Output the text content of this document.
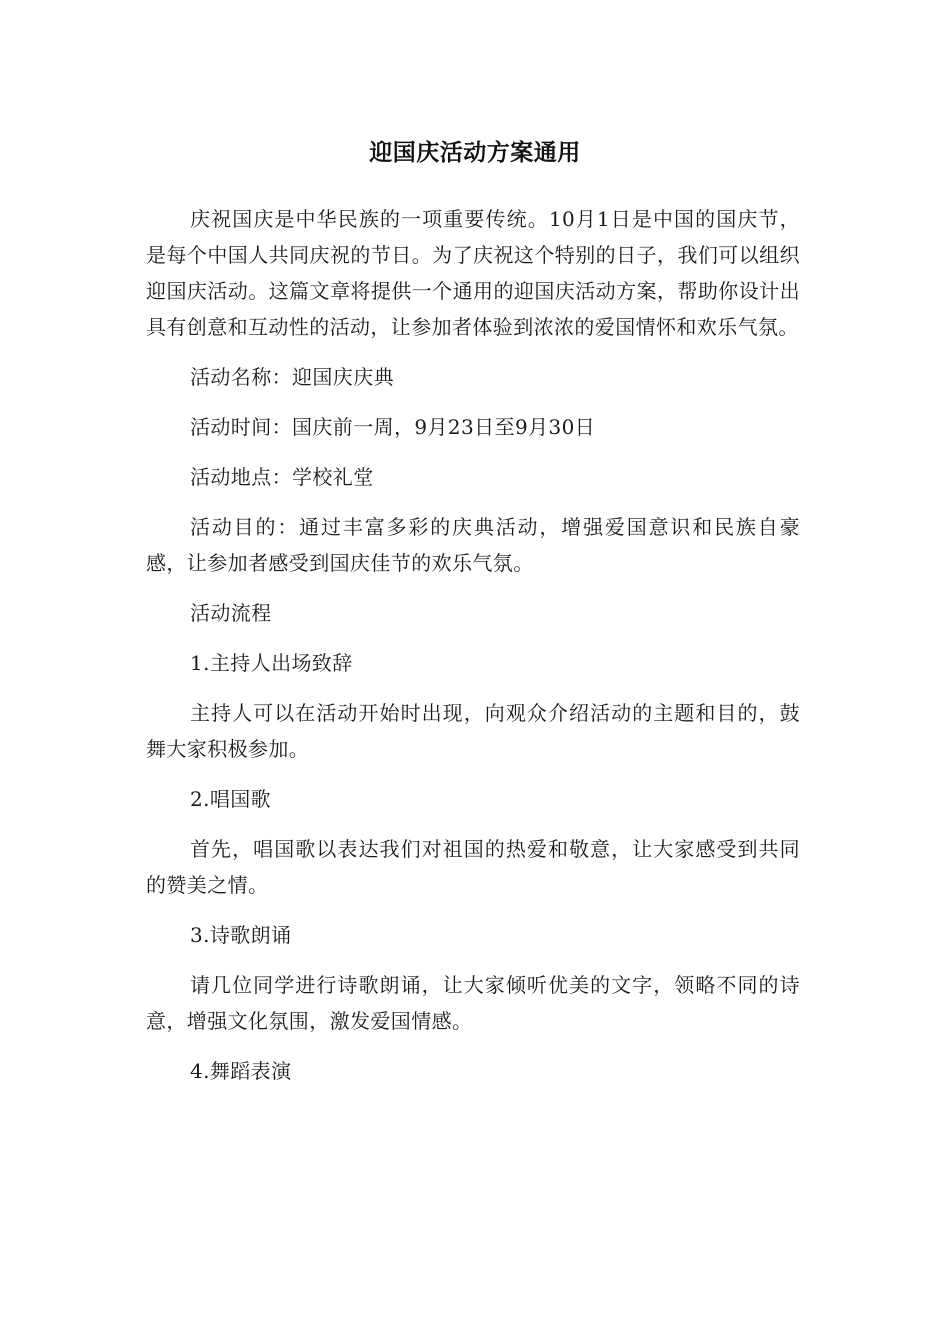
迎国庆活动方案通用

庆祝国庆是中华民族的一项重要传统。10月1日是中国的国庆节，是每个中国人共同庆祝的节日。为了庆祝这个特别的日子，我们可以组织迎国庆活动。这篇文章将提供一个通用的迎国庆活动方案，帮助你设计出具有创意和互动性的活动，让参加者体验到浓浓的爱国情怀和欢乐气氛。

活动名称：迎国庆庆典

活动时间：国庆前一周，9月23日至9月30日

活动地点：学校礼堂

活动目的：通过丰富多彩的庆典活动，增强爱国意识和民族自豪感，让参加者感受到国庆佳节的欢乐气氛。

活动流程

1.主持人出场致辞

主持人可以在活动开始时出现，向观众介绍活动的主题和目的，鼓舞大家积极参加。

2.唱国歌

首先，唱国歌以表达我们对祖国的热爱和敬意，让大家感受到共同的赞美之情。

3.诗歌朗诵

请几位同学进行诗歌朗诵，让大家倾听优美的文字，领略不同的诗意，增强文化氛围，激发爱国情感。

4.舞蹈表演
